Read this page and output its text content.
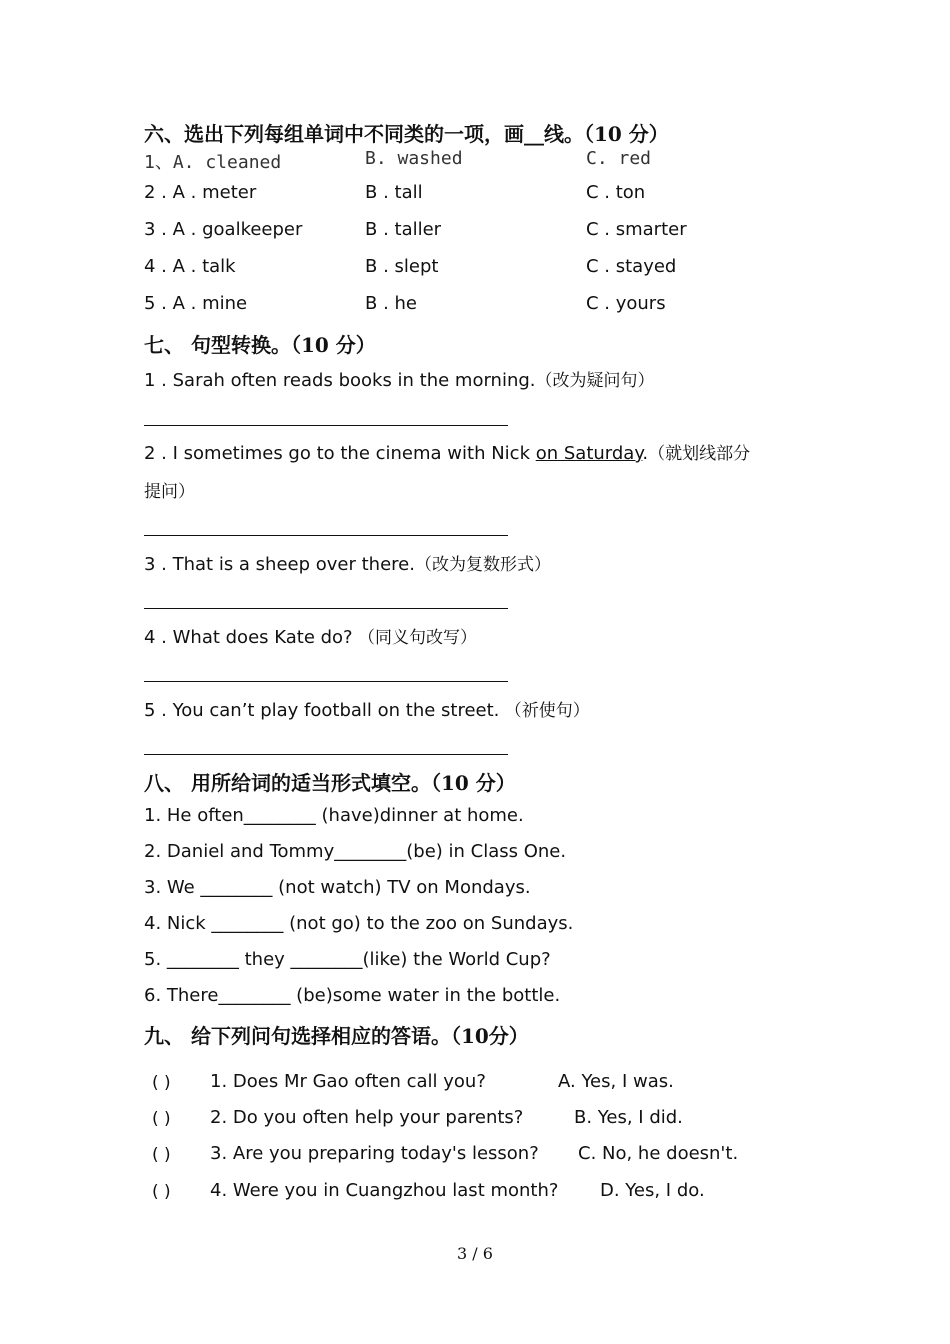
六、选出下列每组单词中不同类的一项，画__线。（10 分）
1、A. cleaned	B. washed	C. red
2 . A . meter	B . tall	C . ton
3 . A . goalkeeper	B . taller	C . smarter
4 . A . talk	B . slept	C . stayed
5 . A . mine	B . he	C . yours
七、 句型转换。（10 分）
1 . Sarah often reads books in the morning.（改为疑问句）
2 . I sometimes go to the cinema with Nick on Saturday.（就划线部分
提问）
3 . That is a sheep over there.（改为复数形式）
4 . What does Kate do? （同义句改写）
5 . You can’t play football on the street. （祈使句）
八、 用所给词的适当形式填空。（10 分）
1. He often________ (have)dinner at home.
2. Daniel and Tommy________(be) in Class One.
3. We ________ (not watch) TV on Mondays.
4. Nick ________ (not go) to the zoo on Sundays.
5. ________ they ________(like) the World Cup?
6. There________ (be)some water in the bottle.
九、 给下列问句选择相应的答语。（10分）
( ) 1. Does Mr Gao often call you?	A. Yes, I was.
( ) 2. Do you often help your parents?	B. Yes, I did.
( ) 3. Are you preparing today's lesson? C. No, he doesn't.
( ) 4. Were you in Cuangzhou last month? D. Yes, I do.
3 / 6
